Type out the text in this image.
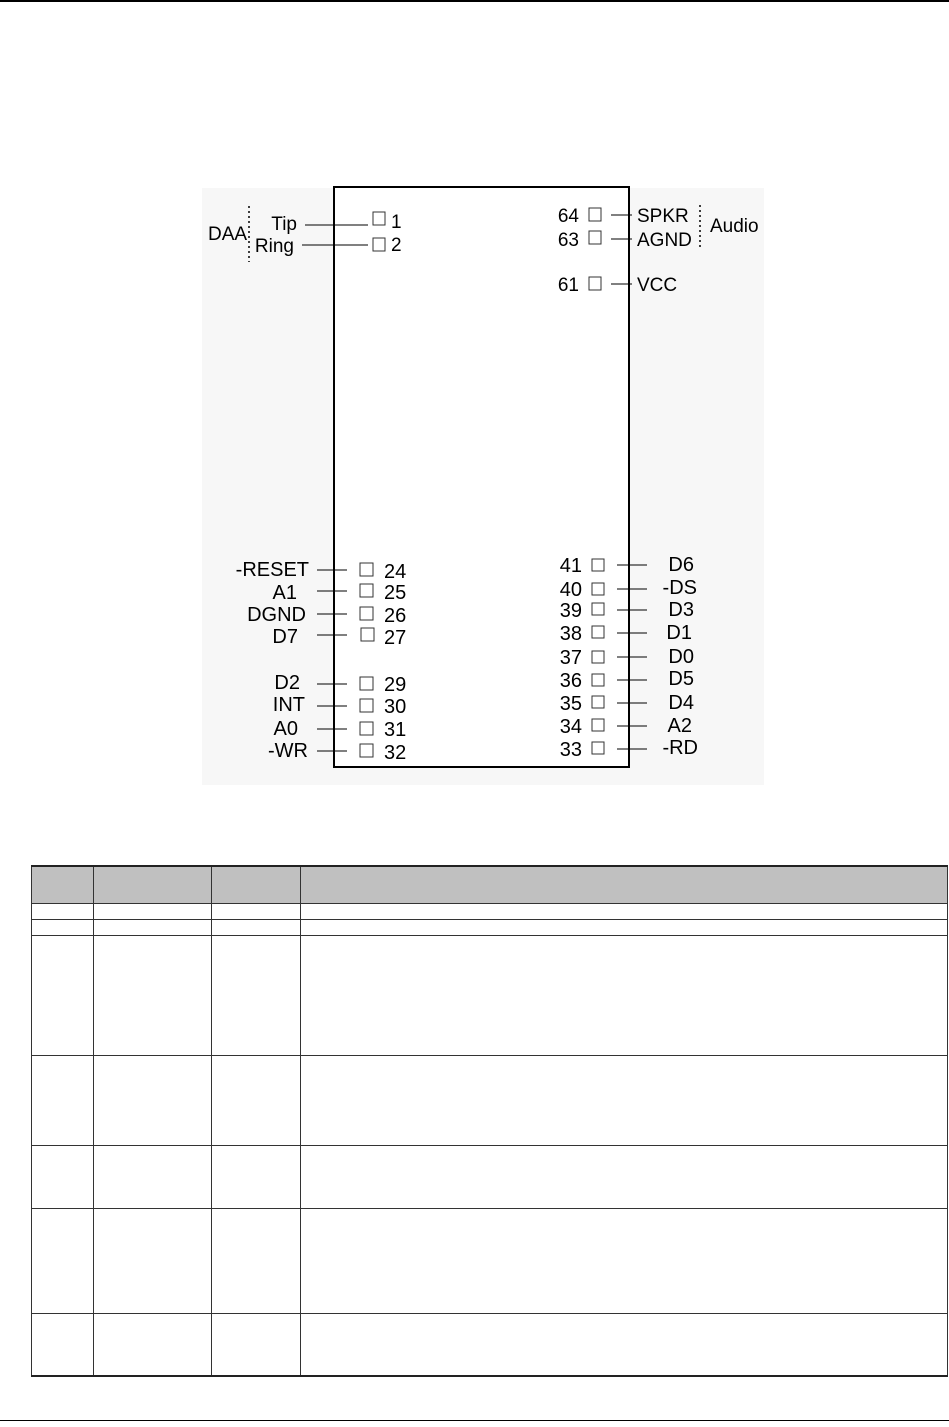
DAA Tip	1
Ring	2
Audio
64	SPKR
63	AGND
61	VCC
-RESET	24
A1	25
DGND	26
D7	27
D2	29
INT	30
A0	31
-WR	32
41	D6
40	-DS
39	D3
38	D1
37	D0
36	D5
35	D4
34	A2
33	-RD
